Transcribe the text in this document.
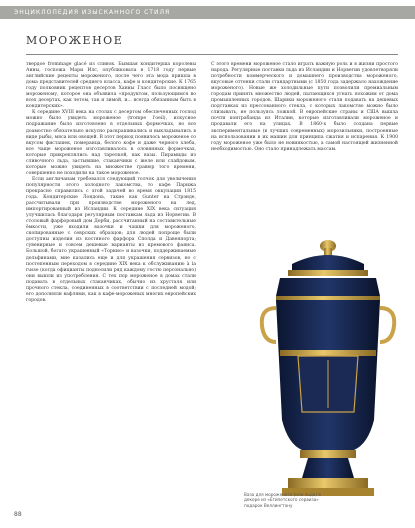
ЭНЦИКЛОПЕДИЯ ИЗЫСКАННОГО СТИЛЯ
МОРОЖЕНОЕ

твердое frommage glacé из сливок. Бывшая кондитерша королевы Анны, госпожа Мари Илс, опубликовала в 1718 году первые английские рецепты мороженого, после чего эта мода пришла в дома представителей среднего класса, кафе и кондитерские. К 1765 году полковник рецептов десертов Ханны Гласс было посвящено мороженому, которое она объявила «продуктом, пользующимся во всех десертах, как летом, так и зимой, и... всегда обязанным быть в кондитерских».

К середине XVIII века на столах с десертом обеспеченных господ можно было увидеть мороженое (trompe l'oeil), искусное подражание было изготовлено в отдельных формочках, но все доамостно обязательно искусно раскрашивались и выкладывались в виде рыбы, мяса или овощей. В этот период появилось мороженое со вкусом фисташек, померанца, белого кофе и даже черного хлеба, все чаще мороженое изготавливалось в оловянных формочках, которые прикреплялись над тарелкой, как вазы. Пирамиды из сливочного льда, застывшие, стаканчики с желе или слайдовым, которые можно увидеть на множестве гравюр того времени, совершенно не походили на такое мороженое.

Если англичанам требовался следующий толчок для увеличения популярности этого холодного лакомства, то кафе Парижа прекрасно справились с этой задачей во время оккупации 1815 года. Кондитерские Лондона, такие как Gunter на Стрэнде, рассчитывали при производстве мороженого на лед, импортированный из Исландии. К середине XIX века ситуация улучшилась благодаря регулярным поставкам льда из Норвегии. В столовый фарфоровый дом Дерби, рассчитанный на составительные ёмкости, уже входили вазочки и чашки для мороженого, скопированные с севрских образцов; для людей попроще были доступны изделия из костяного фарфора Сполда и Давенпорта; сувенирные и совсем дешевые варианты из кремового фаянса. Большой, богато украшенный «Торнио» и вазочки, поддерживаемые дельфинами, мне казались еще и для украшения сервизов, но с постепенным переходом в середине XIX века к обслуживанию à la russe (когда официанты подносили ряд каждому гостю персонально) они вышли из употребления. С тех пор мороженое в домах стали подавать в отдельных стаканчиках, обычно из хрусталя или прочного стекла, соединенных в соответствии с последней модой; его дополняли вафлями, как в кафе-мороженых многих европейских городов.

С этого времени мороженое стало играть важную роль и в жизни простого народа. Регулярные поставки льда из Исландии и Норвегии удовлетворяли потребности коммерческого и домашнего производства мороженого, вкусовые оттенки стали стандартными (с 1850 года задержало нахождение мороженого). Новые же холодильные пути позволили премиальным городам принять множество людей, пытающихся угнать похожим от дома промышленных городов. Шарики мороженого стали подавать на дешевых подставках из прессованного стекла, с которых лакомство можно было слизывать, не пользуясь ложкой. В европейские страны и США вышла почти контрабанда из Италии, которые изготавливали мороженое и продавали его на улицах. В 1860-х было создана первые экспериментальные (в лучших современных) морозильники, построенные на использовании в их машин для принципа сжатия и испарения. К 1900 году мороженое уже было не новинкостью, а самой настоящей жизненной необходимостью. Оно стало принадлежать массам.

Ваза для мороженого (или льда) в декоре из «Египетского сервиза» подарок Веллингтону
88
